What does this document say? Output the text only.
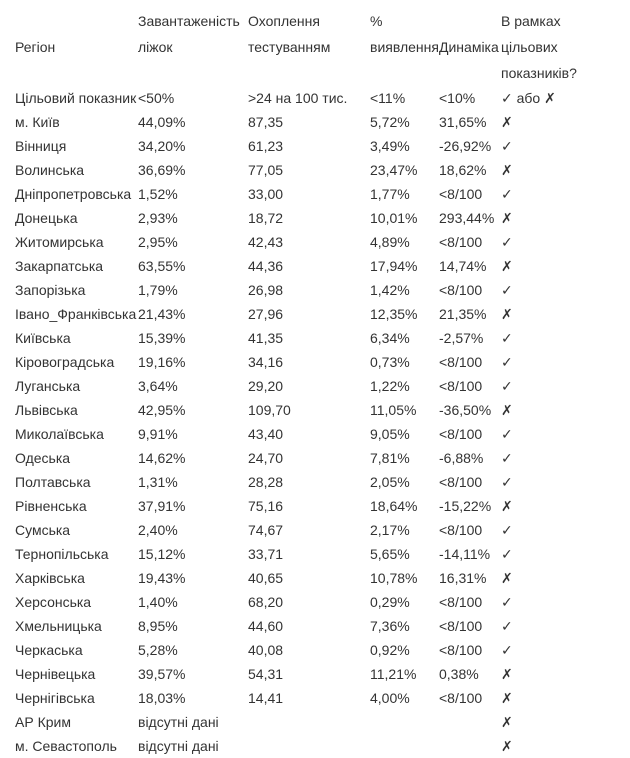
Регіон	Завантаженість ліжок	Охоплення тестуванням	% виявлення	Динаміка	В рамках цільових показників?
Цільовий показник	<50%	>24 на 100 тис.	<11%	<10%	✓ або ✗
м. Київ	44,09%	87,35	5,72%	31,65%	✗
Вінниця	34,20%	61,23	3,49%	-26,92%	✓
Волинська	36,69%	77,05	23,47%	18,62%	✗
Дніпропетровська	1,52%	33,00	1,77%	<8/100	✓
Донецька	2,93%	18,72	10,01%	293,44%	✗
Житомирська	2,95%	42,43	4,89%	<8/100	✓
Закарпатська	63,55%	44,36	17,94%	14,74%	✗
Запорізька	1,79%	26,98	1,42%	<8/100	✓
Івано_Франківська	21,43%	27,96	12,35%	21,35%	✗
Київська	15,39%	41,35	6,34%	-2,57%	✓
Кіровоградська	19,16%	34,16	0,73%	<8/100	✓
Луганська	3,64%	29,20	1,22%	<8/100	✓
Львівська	42,95%	109,70	11,05%	-36,50%	✗
Миколаївська	9,91%	43,40	9,05%	<8/100	✓
Одеська	14,62%	24,70	7,81%	-6,88%	✓
Полтавська	1,31%	28,28	2,05%	<8/100	✓
Рівненська	37,91%	75,16	18,64%	-15,22%	✗
Сумська	2,40%	74,67	2,17%	<8/100	✓
Тернопільська	15,12%	33,71	5,65%	-14,11%	✓
Харківська	19,43%	40,65	10,78%	16,31%	✗
Херсонська	1,40%	68,20	0,29%	<8/100	✓
Хмельницька	8,95%	44,60	7,36%	<8/100	✓
Черкаська	5,28%	40,08	0,92%	<8/100	✓
Чернівецька	39,57%	54,31	11,21%	0,38%	✗
Чернігівська	18,03%	14,41	4,00%	<8/100	✗
АР Крим	відсутні дані				✗
м. Севастополь	відсутні дані				✗
